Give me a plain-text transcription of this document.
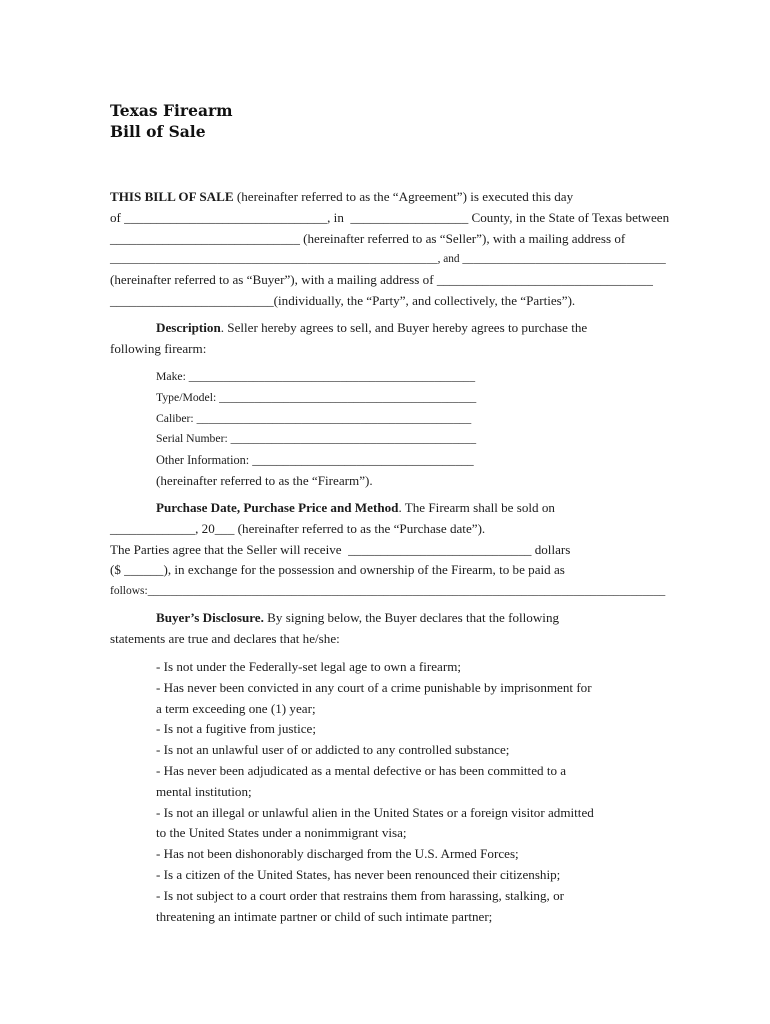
Texas Firearm
Bill of Sale
THIS BILL OF SALE (hereinafter referred to as the “Agreement”) is executed this day
of _______________________________, in  __________________ County, in the State of Texas between
_____________________________ (hereinafter referred to as “Seller”), with a mailing address of
__________________________________________________________, and ____________________________________
(hereinafter referred to as “Buyer”), with a mailing address of _________________________________
_________________________(individually, the “Party”, and collectively, the “Parties”).
Description. Seller hereby agrees to sell, and Buyer hereby agrees to purchase the
following firearm:
Make: _________________________________________________
Type/Model: ____________________________________________
Caliber: _______________________________________________
Serial Number: __________________________________________
Other Information: ____________________________________
(hereinafter referred to as the “Firearm”).
Purchase Date, Purchase Price and Method. The Firearm shall be sold on
_____________, 20___ (hereinafter referred to as the “Purchase date”).
The Parties agree that the Seller will receive  ____________________________ dollars
($ ______), in exchange for the possession and ownership of the Firearm, to be paid as
follows:__________________________________________________________________________________________
Buyer’s Disclosure. By signing below, the Buyer declares that the following
statements are true and declares that he/she:
- Is not under the Federally-set legal age to own a firearm;
- Has never been convicted in any court of a crime punishable by imprisonment for
a term exceeding one (1) year;
- Is not a fugitive from justice;
- Is not an unlawful user of or addicted to any controlled substance;
- Has never been adjudicated as a mental defective or has been committed to a
mental institution;
- Is not an illegal or unlawful alien in the United States or a foreign visitor admitted
to the United States under a nonimmigrant visa;
- Has not been dishonorably discharged from the U.S. Armed Forces;
- Is a citizen of the United States, has never been renounced their citizenship;
- Is not subject to a court order that restrains them from harassing, stalking, or
threatening an intimate partner or child of such intimate partner;
